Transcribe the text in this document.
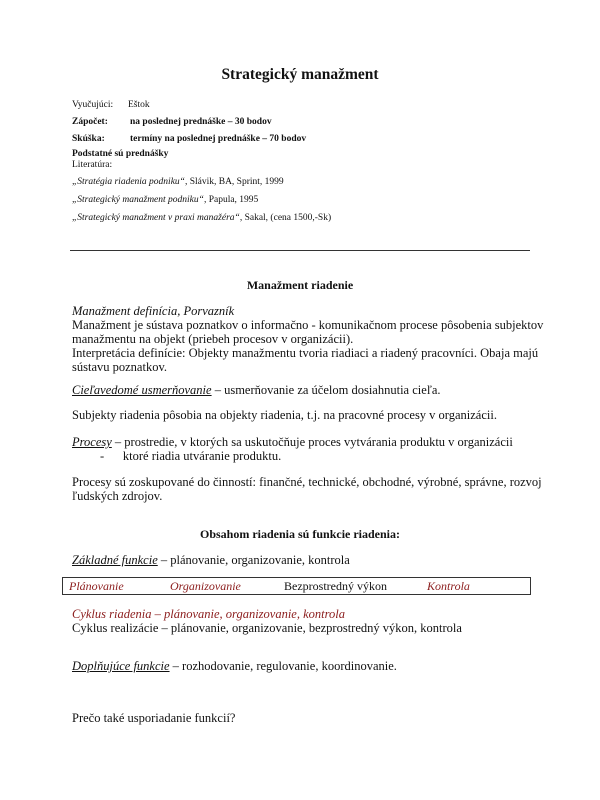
Strategický manažment
Vyučujúci: Eštok
Zápočet: na poslednej prednáške – 30 bodov
Skúška:	termíny na poslednej prednáške – 70 bodov
Podstatné sú prednášky
Literatúra:
„Stratégia riadenia podniku“, Slávik, BA, Sprint, 1999
„Strategický manažment podniku“, Papula, 1995
„Strategický manažment v praxi manažéra“, Sakal, (cena 1500,-Sk)
Manažment riadenie
Manažment definícia, Porvazník
Manažment je sústava poznatkov o informačno - komunikačnom procese pôsobenia subjektov
manažmentu na objekt (priebeh procesov v organizácii).
Interpretácia definície: Objekty manažmentu tvoria riadiaci a riadený pracovníci. Obaja majú
sústavu poznatkov.
Cieľavedomé usmerňovanie – usmerňovanie za účelom dosiahnutia cieľa.
Subjekty riadenia pôsobia na objekty riadenia, t.j. na pracovné procesy v organizácii.
Procesy – prostredie, v ktorých sa uskutočňuje proces vytvárania produktu v organizácii
-      ktoré riadia utváranie produktu.
Procesy sú zoskupované do činností: finančné, technické, obchodné, výrobné, správne, rozvoj
ľudských zdrojov.
Obsahom riadenia sú funkcie riadenia:
Základné funkcie – plánovanie, organizovanie, kontrola
Plánovanie	Organizovanie	Bezprostredný výkon	Kontrola
Cyklus riadenia – plánovanie, organizovanie, kontrola
Cyklus realizácie – plánovanie, organizovanie, bezprostredný výkon, kontrola
Doplňujúce funkcie – rozhodovanie, regulovanie, koordinovanie.
Prečo také usporiadanie funkcií?
